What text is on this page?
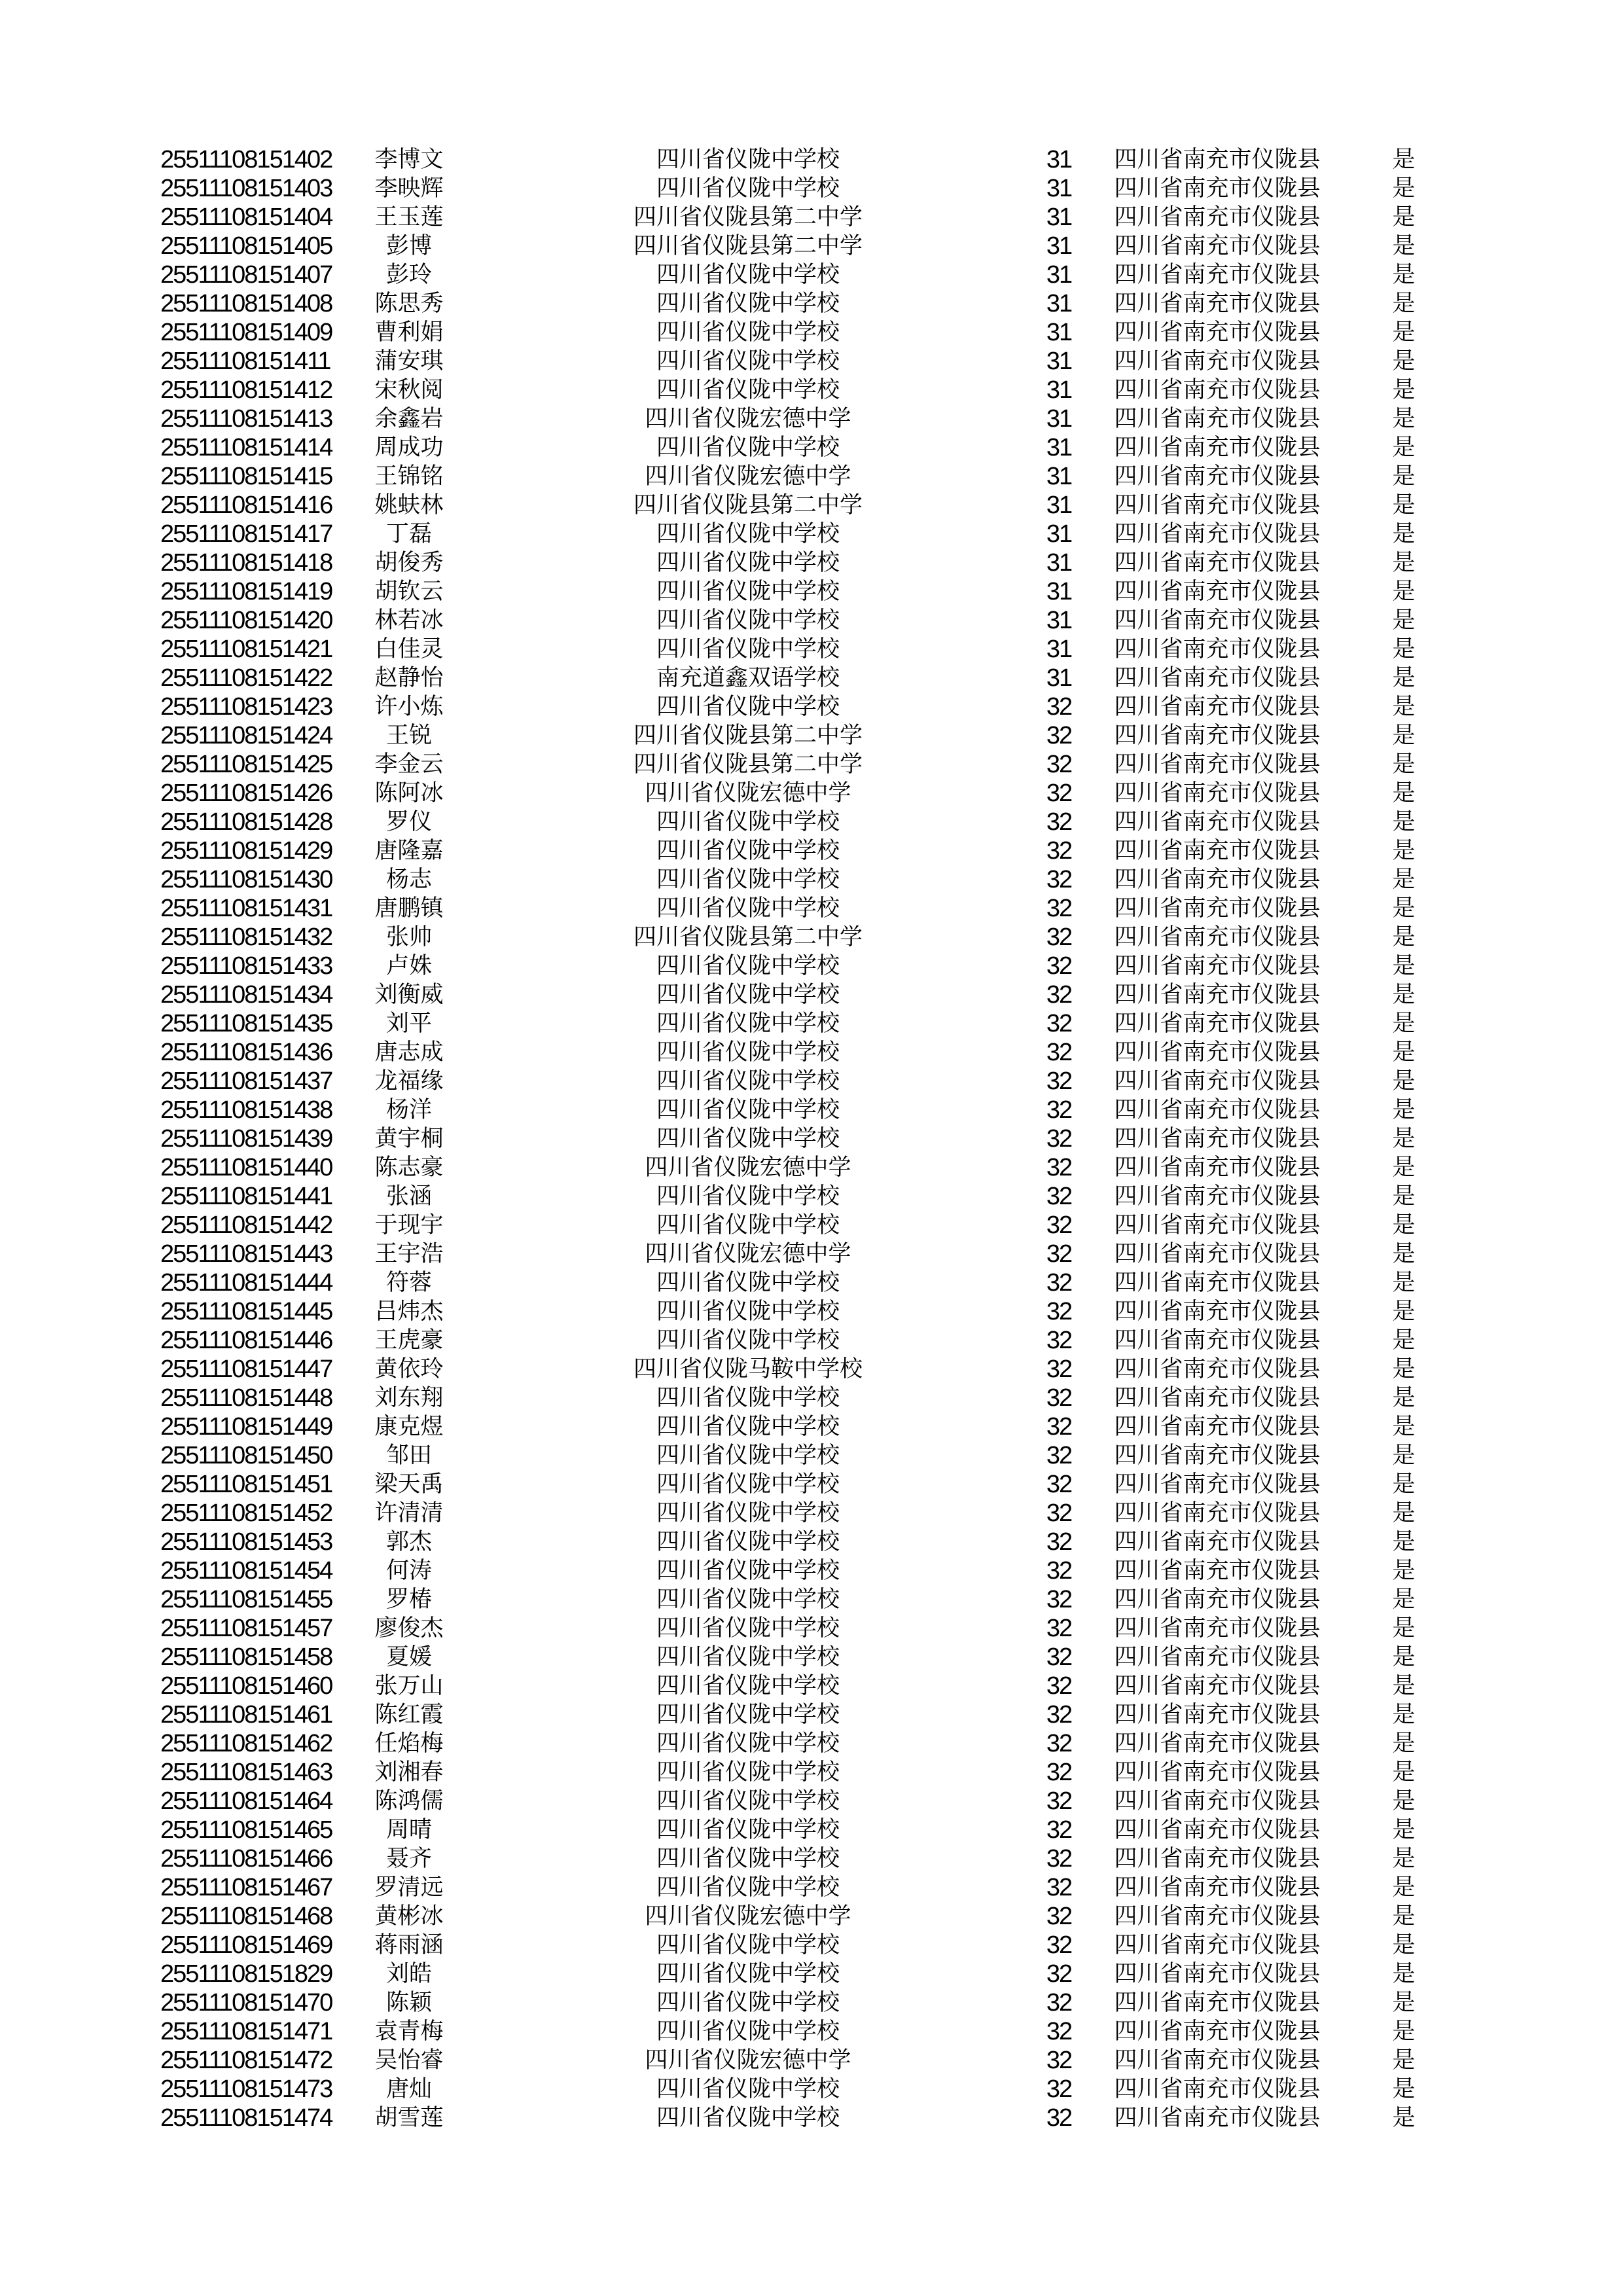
25511108151402	李博文	四川省仪陇中学校	31	四川省南充市仪陇县	是
25511108151403	李映辉	四川省仪陇中学校	31	四川省南充市仪陇县	是
25511108151404	王玉莲	四川省仪陇县第二中学	31	四川省南充市仪陇县	是
25511108151405	彭博	四川省仪陇县第二中学	31	四川省南充市仪陇县	是
25511108151407	彭玲	四川省仪陇中学校	31	四川省南充市仪陇县	是
25511108151408	陈思秀	四川省仪陇中学校	31	四川省南充市仪陇县	是
25511108151409	曹利娟	四川省仪陇中学校	31	四川省南充市仪陇县	是
25511108151411	蒲安琪	四川省仪陇中学校	31	四川省南充市仪陇县	是
25511108151412	宋秋阅	四川省仪陇中学校	31	四川省南充市仪陇县	是
25511108151413	余鑫岩	四川省仪陇宏德中学	31	四川省南充市仪陇县	是
25511108151414	周成功	四川省仪陇中学校	31	四川省南充市仪陇县	是
25511108151415	王锦铭	四川省仪陇宏德中学	31	四川省南充市仪陇县	是
25511108151416	姚蚨林	四川省仪陇县第二中学	31	四川省南充市仪陇县	是
25511108151417	丁磊	四川省仪陇中学校	31	四川省南充市仪陇县	是
25511108151418	胡俊秀	四川省仪陇中学校	31	四川省南充市仪陇县	是
25511108151419	胡钦云	四川省仪陇中学校	31	四川省南充市仪陇县	是
25511108151420	林若冰	四川省仪陇中学校	31	四川省南充市仪陇县	是
25511108151421	白佳灵	四川省仪陇中学校	31	四川省南充市仪陇县	是
25511108151422	赵静怡	南充道鑫双语学校	31	四川省南充市仪陇县	是
25511108151423	许小炼	四川省仪陇中学校	32	四川省南充市仪陇县	是
25511108151424	王锐	四川省仪陇县第二中学	32	四川省南充市仪陇县	是
25511108151425	李金云	四川省仪陇县第二中学	32	四川省南充市仪陇县	是
25511108151426	陈阿冰	四川省仪陇宏德中学	32	四川省南充市仪陇县	是
25511108151428	罗仪	四川省仪陇中学校	32	四川省南充市仪陇县	是
25511108151429	唐隆嘉	四川省仪陇中学校	32	四川省南充市仪陇县	是
25511108151430	杨志	四川省仪陇中学校	32	四川省南充市仪陇县	是
25511108151431	唐鹏镇	四川省仪陇中学校	32	四川省南充市仪陇县	是
25511108151432	张帅	四川省仪陇县第二中学	32	四川省南充市仪陇县	是
25511108151433	卢姝	四川省仪陇中学校	32	四川省南充市仪陇县	是
25511108151434	刘衡威	四川省仪陇中学校	32	四川省南充市仪陇县	是
25511108151435	刘平	四川省仪陇中学校	32	四川省南充市仪陇县	是
25511108151436	唐志成	四川省仪陇中学校	32	四川省南充市仪陇县	是
25511108151437	龙福缘	四川省仪陇中学校	32	四川省南充市仪陇县	是
25511108151438	杨洋	四川省仪陇中学校	32	四川省南充市仪陇县	是
25511108151439	黄宇桐	四川省仪陇中学校	32	四川省南充市仪陇县	是
25511108151440	陈志豪	四川省仪陇宏德中学	32	四川省南充市仪陇县	是
25511108151441	张涵	四川省仪陇中学校	32	四川省南充市仪陇县	是
25511108151442	于现宇	四川省仪陇中学校	32	四川省南充市仪陇县	是
25511108151443	王宇浩	四川省仪陇宏德中学	32	四川省南充市仪陇县	是
25511108151444	符蓉	四川省仪陇中学校	32	四川省南充市仪陇县	是
25511108151445	吕炜杰	四川省仪陇中学校	32	四川省南充市仪陇县	是
25511108151446	王虎豪	四川省仪陇中学校	32	四川省南充市仪陇县	是
25511108151447	黄依玲	四川省仪陇马鞍中学校	32	四川省南充市仪陇县	是
25511108151448	刘东翔	四川省仪陇中学校	32	四川省南充市仪陇县	是
25511108151449	康克煜	四川省仪陇中学校	32	四川省南充市仪陇县	是
25511108151450	邹田	四川省仪陇中学校	32	四川省南充市仪陇县	是
25511108151451	梁天禹	四川省仪陇中学校	32	四川省南充市仪陇县	是
25511108151452	许清清	四川省仪陇中学校	32	四川省南充市仪陇县	是
25511108151453	郭杰	四川省仪陇中学校	32	四川省南充市仪陇县	是
25511108151454	何涛	四川省仪陇中学校	32	四川省南充市仪陇县	是
25511108151455	罗椿	四川省仪陇中学校	32	四川省南充市仪陇县	是
25511108151457	廖俊杰	四川省仪陇中学校	32	四川省南充市仪陇县	是
25511108151458	夏媛	四川省仪陇中学校	32	四川省南充市仪陇县	是
25511108151460	张万山	四川省仪陇中学校	32	四川省南充市仪陇县	是
25511108151461	陈红霞	四川省仪陇中学校	32	四川省南充市仪陇县	是
25511108151462	任焰梅	四川省仪陇中学校	32	四川省南充市仪陇县	是
25511108151463	刘湘春	四川省仪陇中学校	32	四川省南充市仪陇县	是
25511108151464	陈鸿儒	四川省仪陇中学校	32	四川省南充市仪陇县	是
25511108151465	周晴	四川省仪陇中学校	32	四川省南充市仪陇县	是
25511108151466	聂齐	四川省仪陇中学校	32	四川省南充市仪陇县	是
25511108151467	罗清远	四川省仪陇中学校	32	四川省南充市仪陇县	是
25511108151468	黄彬冰	四川省仪陇宏德中学	32	四川省南充市仪陇县	是
25511108151469	蒋雨涵	四川省仪陇中学校	32	四川省南充市仪陇县	是
25511108151829	刘皓	四川省仪陇中学校	32	四川省南充市仪陇县	是
25511108151470	陈颖	四川省仪陇中学校	32	四川省南充市仪陇县	是
25511108151471	袁青梅	四川省仪陇中学校	32	四川省南充市仪陇县	是
25511108151472	吴怡睿	四川省仪陇宏德中学	32	四川省南充市仪陇县	是
25511108151473	唐灿	四川省仪陇中学校	32	四川省南充市仪陇县	是
25511108151474	胡雪莲	四川省仪陇中学校	32	四川省南充市仪陇县	是
